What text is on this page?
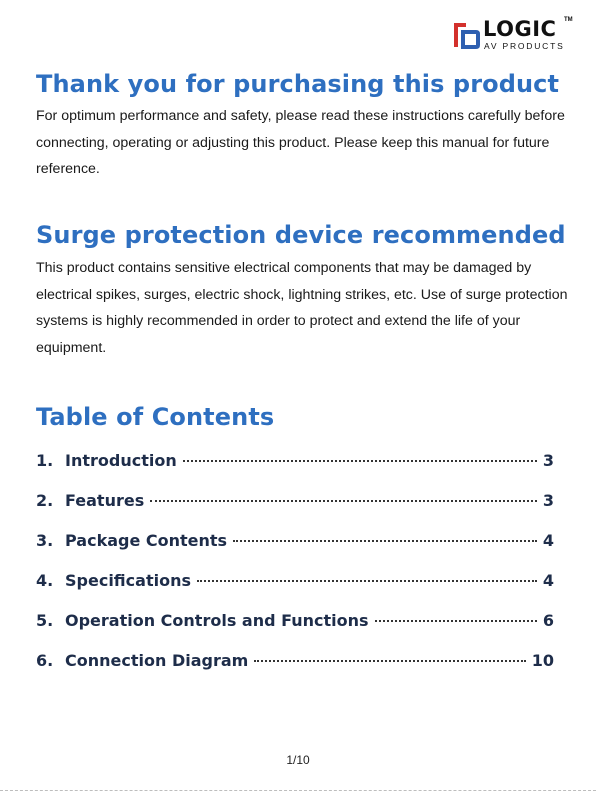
LOGIC TM
AV PRODUCTS
Thank you for purchasing this product

For optimum performance and safety, please read these instructions carefully before connecting, operating or adjusting this product. Please keep this manual for future reference.

Surge protection device recommended

This product contains sensitive electrical components that may be damaged by electrical spikes, surges, electric shock, lightning strikes, etc. Use of surge protection systems is highly recommended in order to protect and extend the life of your equipment.

Table of Contents
1. Introduction	3
2. Features	3
3. Package Contents	4
4. Specifications	4
5. Operation Controls and Functions	6
6. Connection Diagram	10
1/10
